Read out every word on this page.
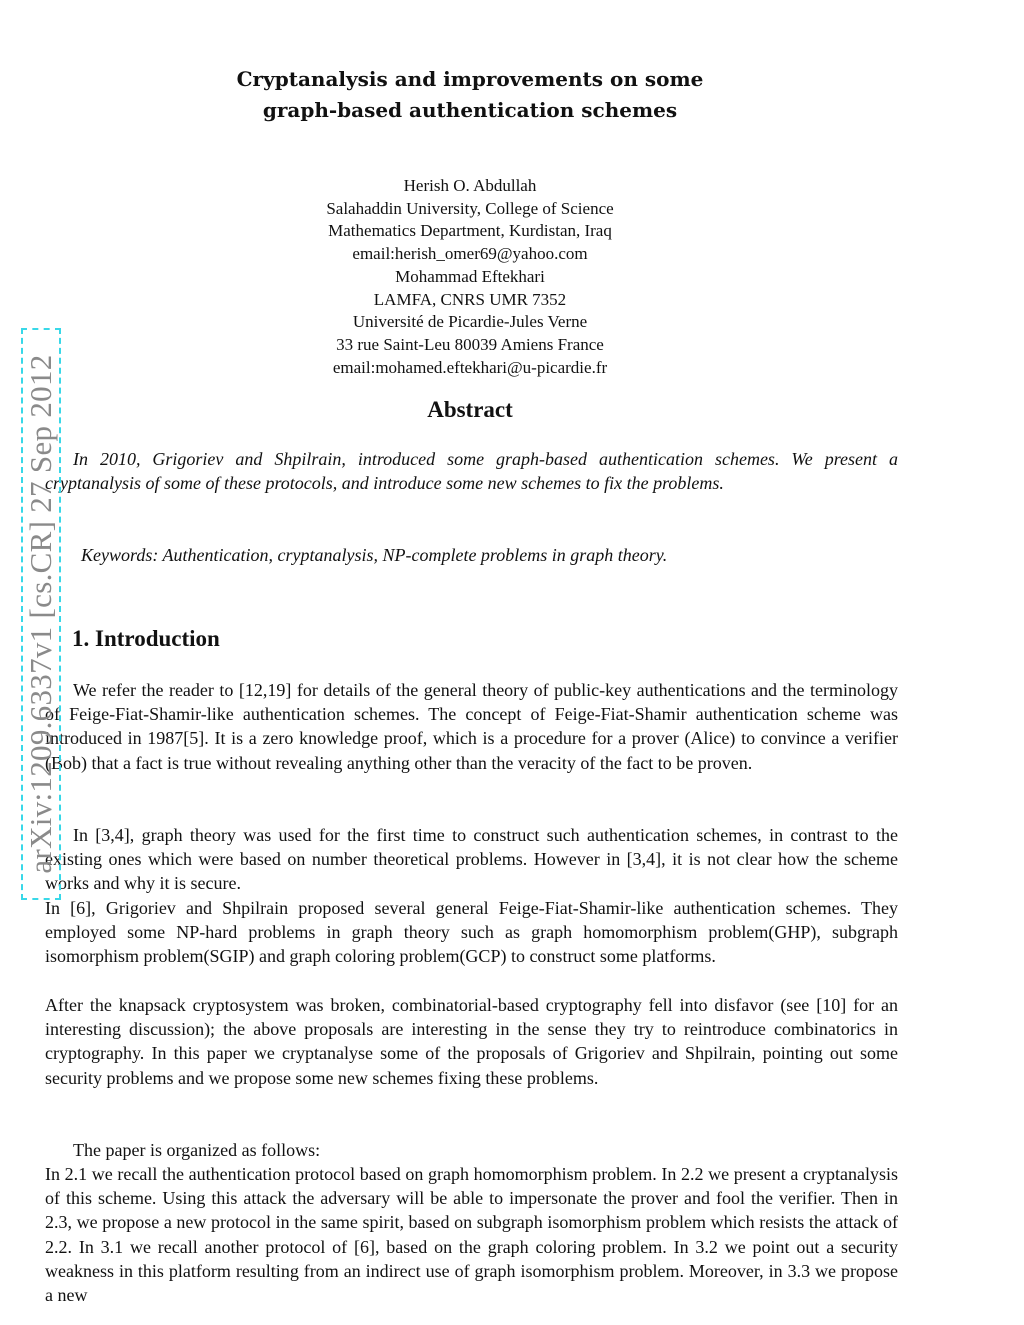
Cryptanalysis and improvements on some
graph-based authentication schemes
Herish O. Abdullah
Salahaddin University, College of Science
Mathematics Department, Kurdistan, Iraq
email:herish_omer69@yahoo.com
Mohammad Eftekhari
LAMFA, CNRS UMR 7352
Université de Picardie-Jules Verne
33 rue Saint-Leu 80039 Amiens France
email:mohamed.eftekhari@u-picardie.fr
Abstract

In 2010, Grigoriev and Shpilrain, introduced some graph-based authentication schemes. We present a cryptanalysis of some of these protocols, and introduce some new schemes to fix the problems.

Keywords: Authentication, cryptanalysis, NP-complete problems in graph theory.

1. Introduction

We refer the reader to [12,19] for details of the general theory of public-key authentications and the terminology of Feige-Fiat-Shamir-like authentication schemes. The concept of Feige-Fiat-Shamir authentication scheme was introduced in 1987[5]. It is a zero knowledge proof, which is a procedure for a prover (Alice) to convince a verifier (Bob) that a fact is true without revealing anything other than the veracity of the fact to be proven.

In [3,4], graph theory was used for the first time to construct such authentication schemes, in contrast to the existing ones which were based on number theoretical problems. However in [3,4], it is not clear how the scheme works and why it is secure.

In [6], Grigoriev and Shpilrain proposed several general Feige-Fiat-Shamir-like authentication schemes. They employed some NP-hard problems in graph theory such as graph homomorphism problem(GHP), subgraph isomorphism problem(SGIP) and graph coloring problem(GCP) to construct some platforms.

After the knapsack cryptosystem was broken, combinatorial-based cryptography fell into disfavor (see [10] for an interesting discussion); the above proposals are interesting in the sense they try to reintroduce combinatorics in cryptography. In this paper we cryptanalyse some of the proposals of Grigoriev and Shpilrain, pointing out some security problems and we propose some new schemes fixing these problems.

The paper is organized as follows:

In 2.1 we recall the authentication protocol based on graph homomorphism problem. In 2.2 we present a cryptanalysis of this scheme. Using this attack the adversary will be able to impersonate the prover and fool the verifier. Then in 2.3, we propose a new protocol in the same spirit, based on subgraph isomorphism problem which resists the attack of 2.2. In 3.1 we recall another protocol of [6], based on the graph coloring problem. In 3.2 we point out a security weakness in this platform resulting from an indirect use of graph isomorphism problem. Moreover, in 3.3 we propose a new

arXiv:1209.6337v1 [cs.CR] 27 Sep 2012
